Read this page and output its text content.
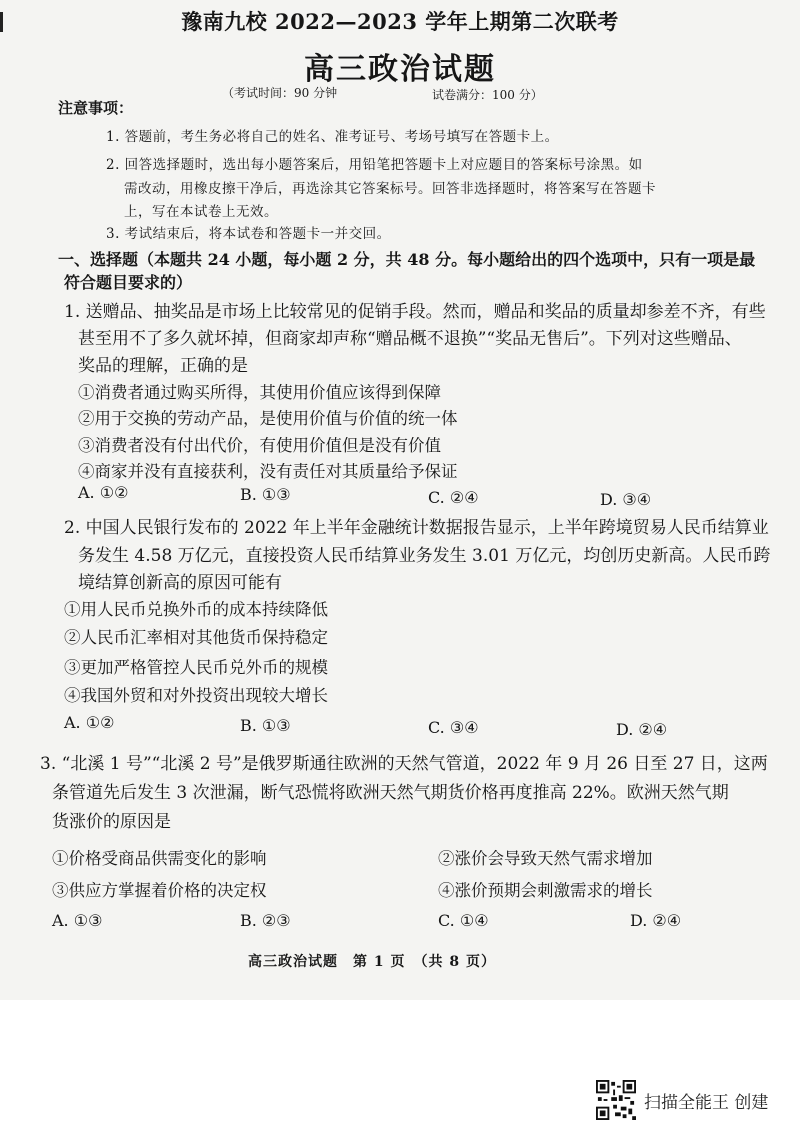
豫南九校 2022—2023 学年上期第二次联考
高三政治试题
（考试时间：90 分钟	试卷满分：100 分）
注意事项：
1. 答题前，考生务必将自己的姓名、准考证号、考场号填写在答题卡上。
2. 回答选择题时，选出每小题答案后，用铅笔把答题卡上对应题目的答案标号涂黑。如
需改动，用橡皮擦干净后，再选涂其它答案标号。回答非选择题时，将答案写在答题卡
上，写在本试卷上无效。
3. 考试结束后，将本试卷和答题卡一并交回。
一、选择题（本题共 24 小题，每小题 2 分，共 48 分。每小题给出的四个选项中，只有一项是最
符合题目要求的）
1. 送赠品、抽奖品是市场上比较常见的促销手段。然而，赠品和奖品的质量却参差不齐，有些
甚至用不了多久就坏掉，但商家却声称“赠品概不退换”“奖品无售后”。下列对这些赠品、
奖品的理解，正确的是
①消费者通过购买所得，其使用价值应该得到保障
②用于交换的劳动产品，是使用价值与价值的统一体
③消费者没有付出代价，有使用价值但是没有价值
④商家并没有直接获利，没有责任对其质量给予保证
A. ①②	B. ①③	C. ②④	D. ③④
2. 中国人民银行发布的 2022 年上半年金融统计数据报告显示，上半年跨境贸易人民币结算业
务发生 4.58 万亿元，直接投资人民币结算业务发生 3.01 万亿元，均创历史新高。人民币跨
境结算创新高的原因可能有
①用人民币兑换外币的成本持续降低
②人民币汇率相对其他货币保持稳定
③更加严格管控人民币兑外币的规模
④我国外贸和对外投资出现较大增长
A. ①②	B. ①③	C. ③④	D. ②④
3. “北溪 1 号”“北溪 2 号”是俄罗斯通往欧洲的天然气管道，2022 年 9 月 26 日至 27 日，这两
条管道先后发生 3 次泄漏，断气恐慌将欧洲天然气期货价格再度推高 22%。欧洲天然气期
货涨价的原因是
①价格受商品供需变化的影响	②涨价会导致天然气需求增加
③供应方掌握着价格的决定权	④涨价预期会刺激需求的增长
A. ①③	B. ②③	C. ①④	D. ②④
高三政治试题　第 1 页　（共 8 页）
扫描全能王 创建
